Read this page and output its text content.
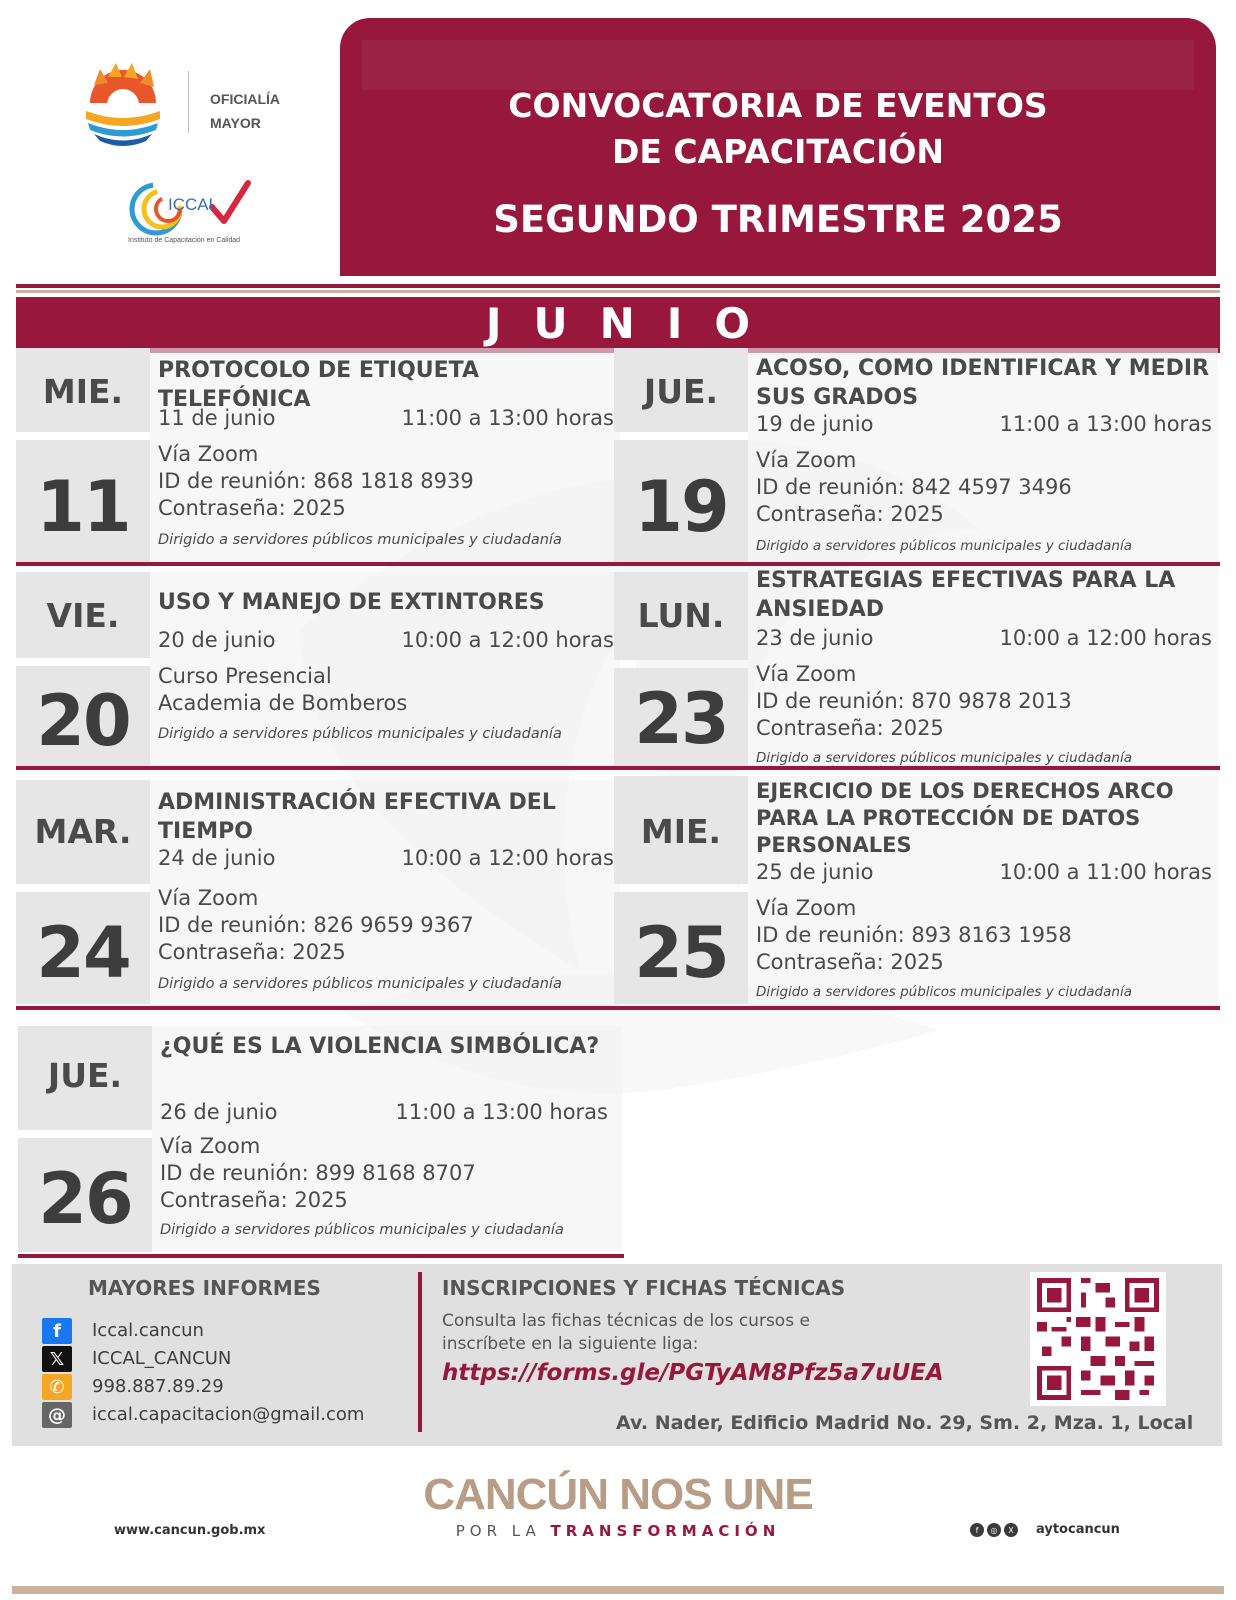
OFICIALÍA
MAYOR
ICCAL
Instituto de Capacitación en Calidad
CONVOCATORIA DE EVENTOS
DE CAPACITACIÓN
SEGUNDO TRIMESTRE 2025
JUNIO
MIE.
11
PROTOCOLO DE ETIQUETA TELEFÓNICA
11 de junio	11:00 a 13:00 horas
Vía Zoom
ID de reunión: 868 1818 8939
Contraseña: 2025
Dirigido a servidores públicos municipales y ciudadanía
JUE.
19
ACOSO, COMO IDENTIFICAR Y MEDIR SUS GRADOS
19 de junio	11:00 a 13:00 horas
Vía Zoom
ID de reunión: 842 4597 3496
Contraseña: 2025
Dirigido a servidores públicos municipales y ciudadanía
VIE.
20
USO Y MANEJO DE EXTINTORES
20 de junio	10:00 a 12:00 horas
Curso Presencial
Academia de Bomberos
Dirigido a servidores públicos municipales y ciudadanía
LUN.
23
ESTRATEGIAS EFECTIVAS PARA LA ANSIEDAD
23 de junio	10:00 a 12:00 horas
Vía Zoom
ID de reunión: 870 9878 2013
Contraseña: 2025
Dirigido a servidores públicos municipales y ciudadanía
MAR.
24
ADMINISTRACIÓN EFECTIVA DEL TIEMPO
24 de junio	10:00 a 12:00 horas
Vía Zoom
ID de reunión: 826 9659 9367
Contraseña: 2025
Dirigido a servidores públicos municipales y ciudadanía
MIE.
25
EJERCICIO DE LOS DERECHOS ARCO PARA LA PROTECCIÓN DE DATOS PERSONALES
25 de junio	10:00 a 11:00 horas
Vía Zoom
ID de reunión: 893 8163 1958
Contraseña: 2025
Dirigido a servidores públicos municipales y ciudadanía
JUE.
26
¿QUÉ ES LA VIOLENCIA SIMBÓLICA?
26 de junio	11:00 a 13:00 horas
Vía Zoom
ID de reunión: 899 8168 8707
Contraseña: 2025
Dirigido a servidores públicos municipales y ciudadanía
MAYORES INFORMES
f	Iccal.cancun
𝕏	ICCAL_CANCUN
✆	998.887.89.29
@	iccal.capacitacion@gmail.com
INSCRIPCIONES Y FICHAS TÉCNICAS
Consulta las fichas técnicas de los cursos e inscríbete en la siguiente liga:
https://forms.gle/PGTyAM8Pfz5a7uUEA
Av. Nader, Edificio Madrid No. 29, Sm. 2, Mza. 1, Local
www.cancun.gob.mx
CANCÚN NOS UNE
POR LA TRANSFORMACIÓN	f	◎	X	aytocancun
